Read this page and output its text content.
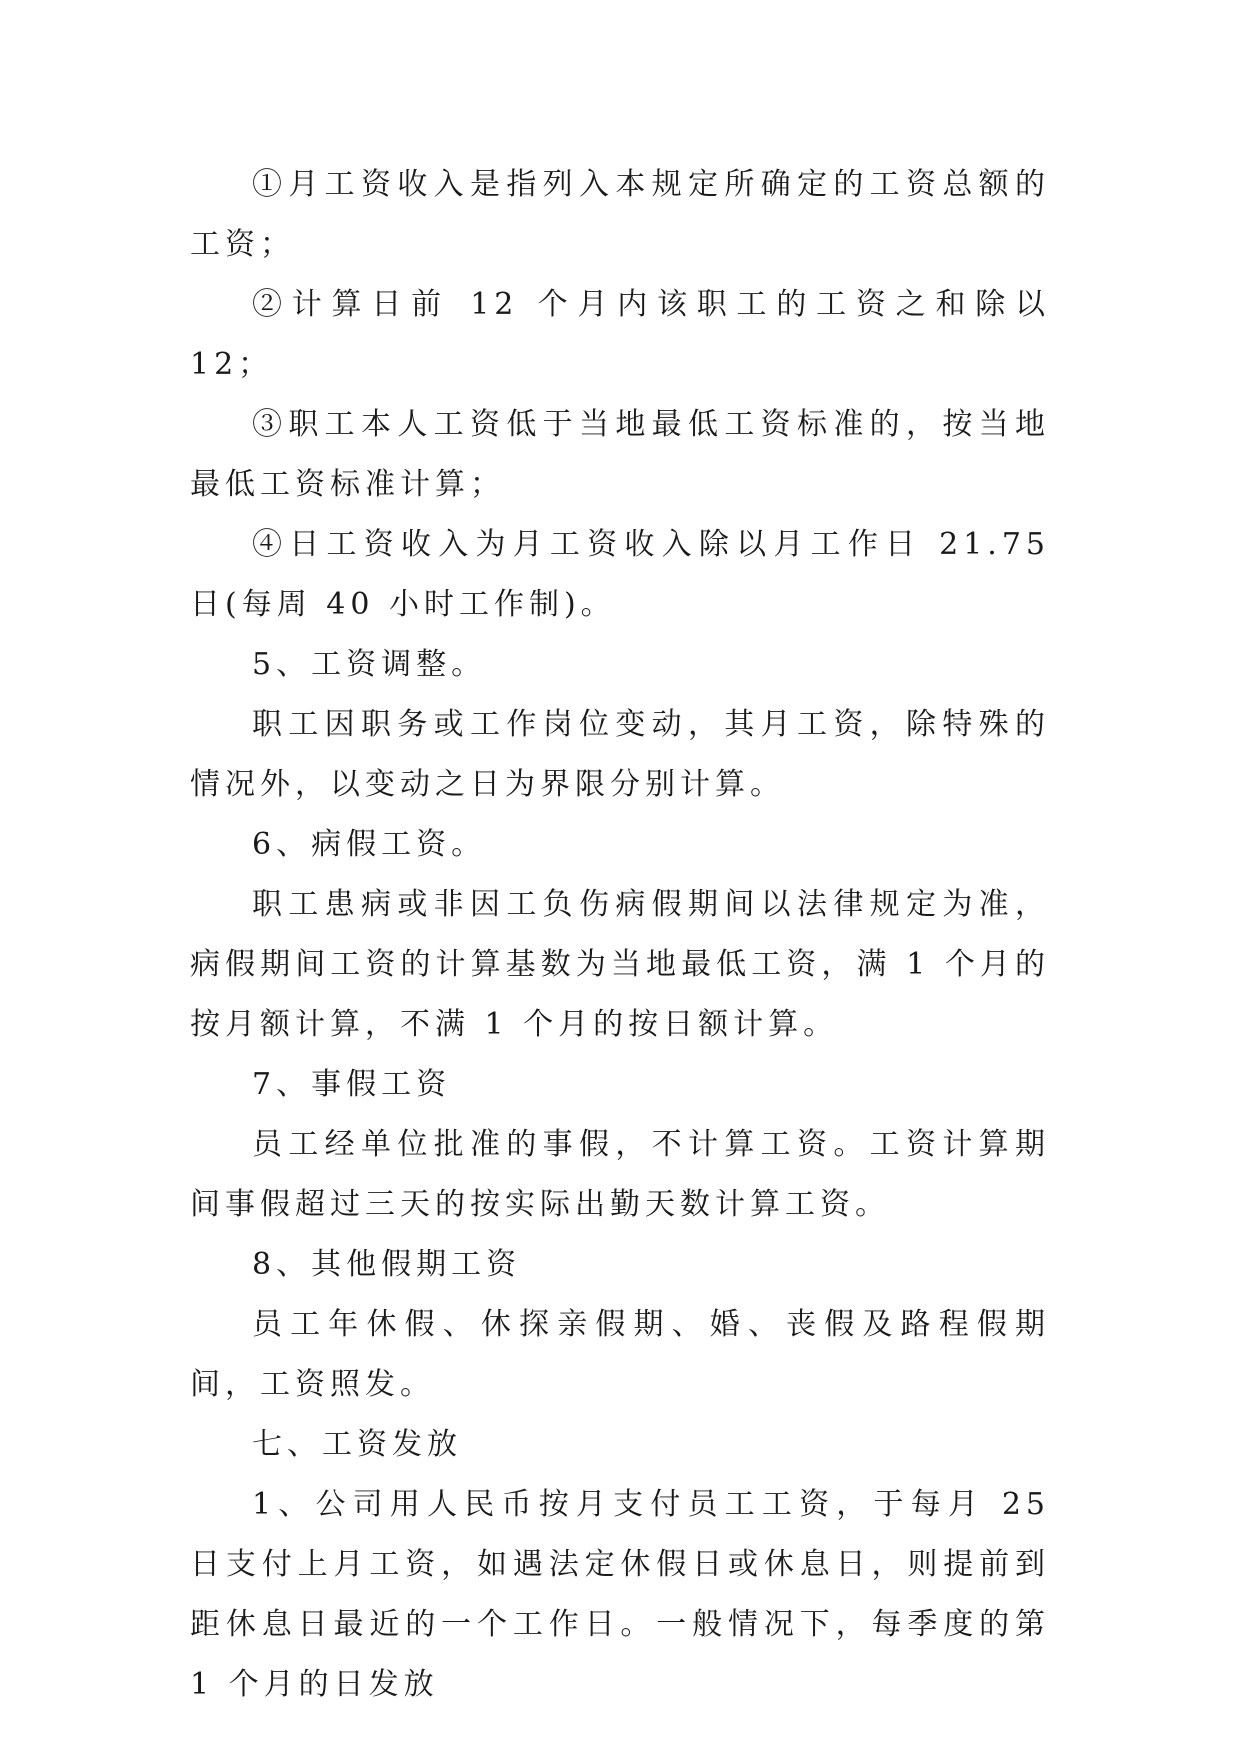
①月工资收入是指列入本规定所确定的工资总额的工资；

②计算日前 12 个月内该职工的工资之和除以 12；

③职工本人工资低于当地最低工资标准的，按当地最低工资标准计算；

④日工资收入为月工资收入除以月工作日 21.75 日(每周 40 小时工作制)。

5、工资调整。

职工因职务或工作岗位变动，其月工资，除特殊的情况外，以变动之日为界限分别计算。

6、病假工资。

职工患病或非因工负伤病假期间以法律规定为准，病假期间工资的计算基数为当地最低工资，满 1 个月的按月额计算，不满 1 个月的按日额计算。

7、事假工资

员工经单位批准的事假，不计算工资。工资计算期间事假超过三天的按实际出勤天数计算工资。

8、其他假期工资

员工年休假、休探亲假期、婚、丧假及路程假期间，工资照发。

七、工资发放

1、公司用人民币按月支付员工工资，于每月 25 日支付上月工资，如遇法定休假日或休息日，则提前到距休息日最近的一个工作日。一般情况下，每季度的第 1 个月的日发放
